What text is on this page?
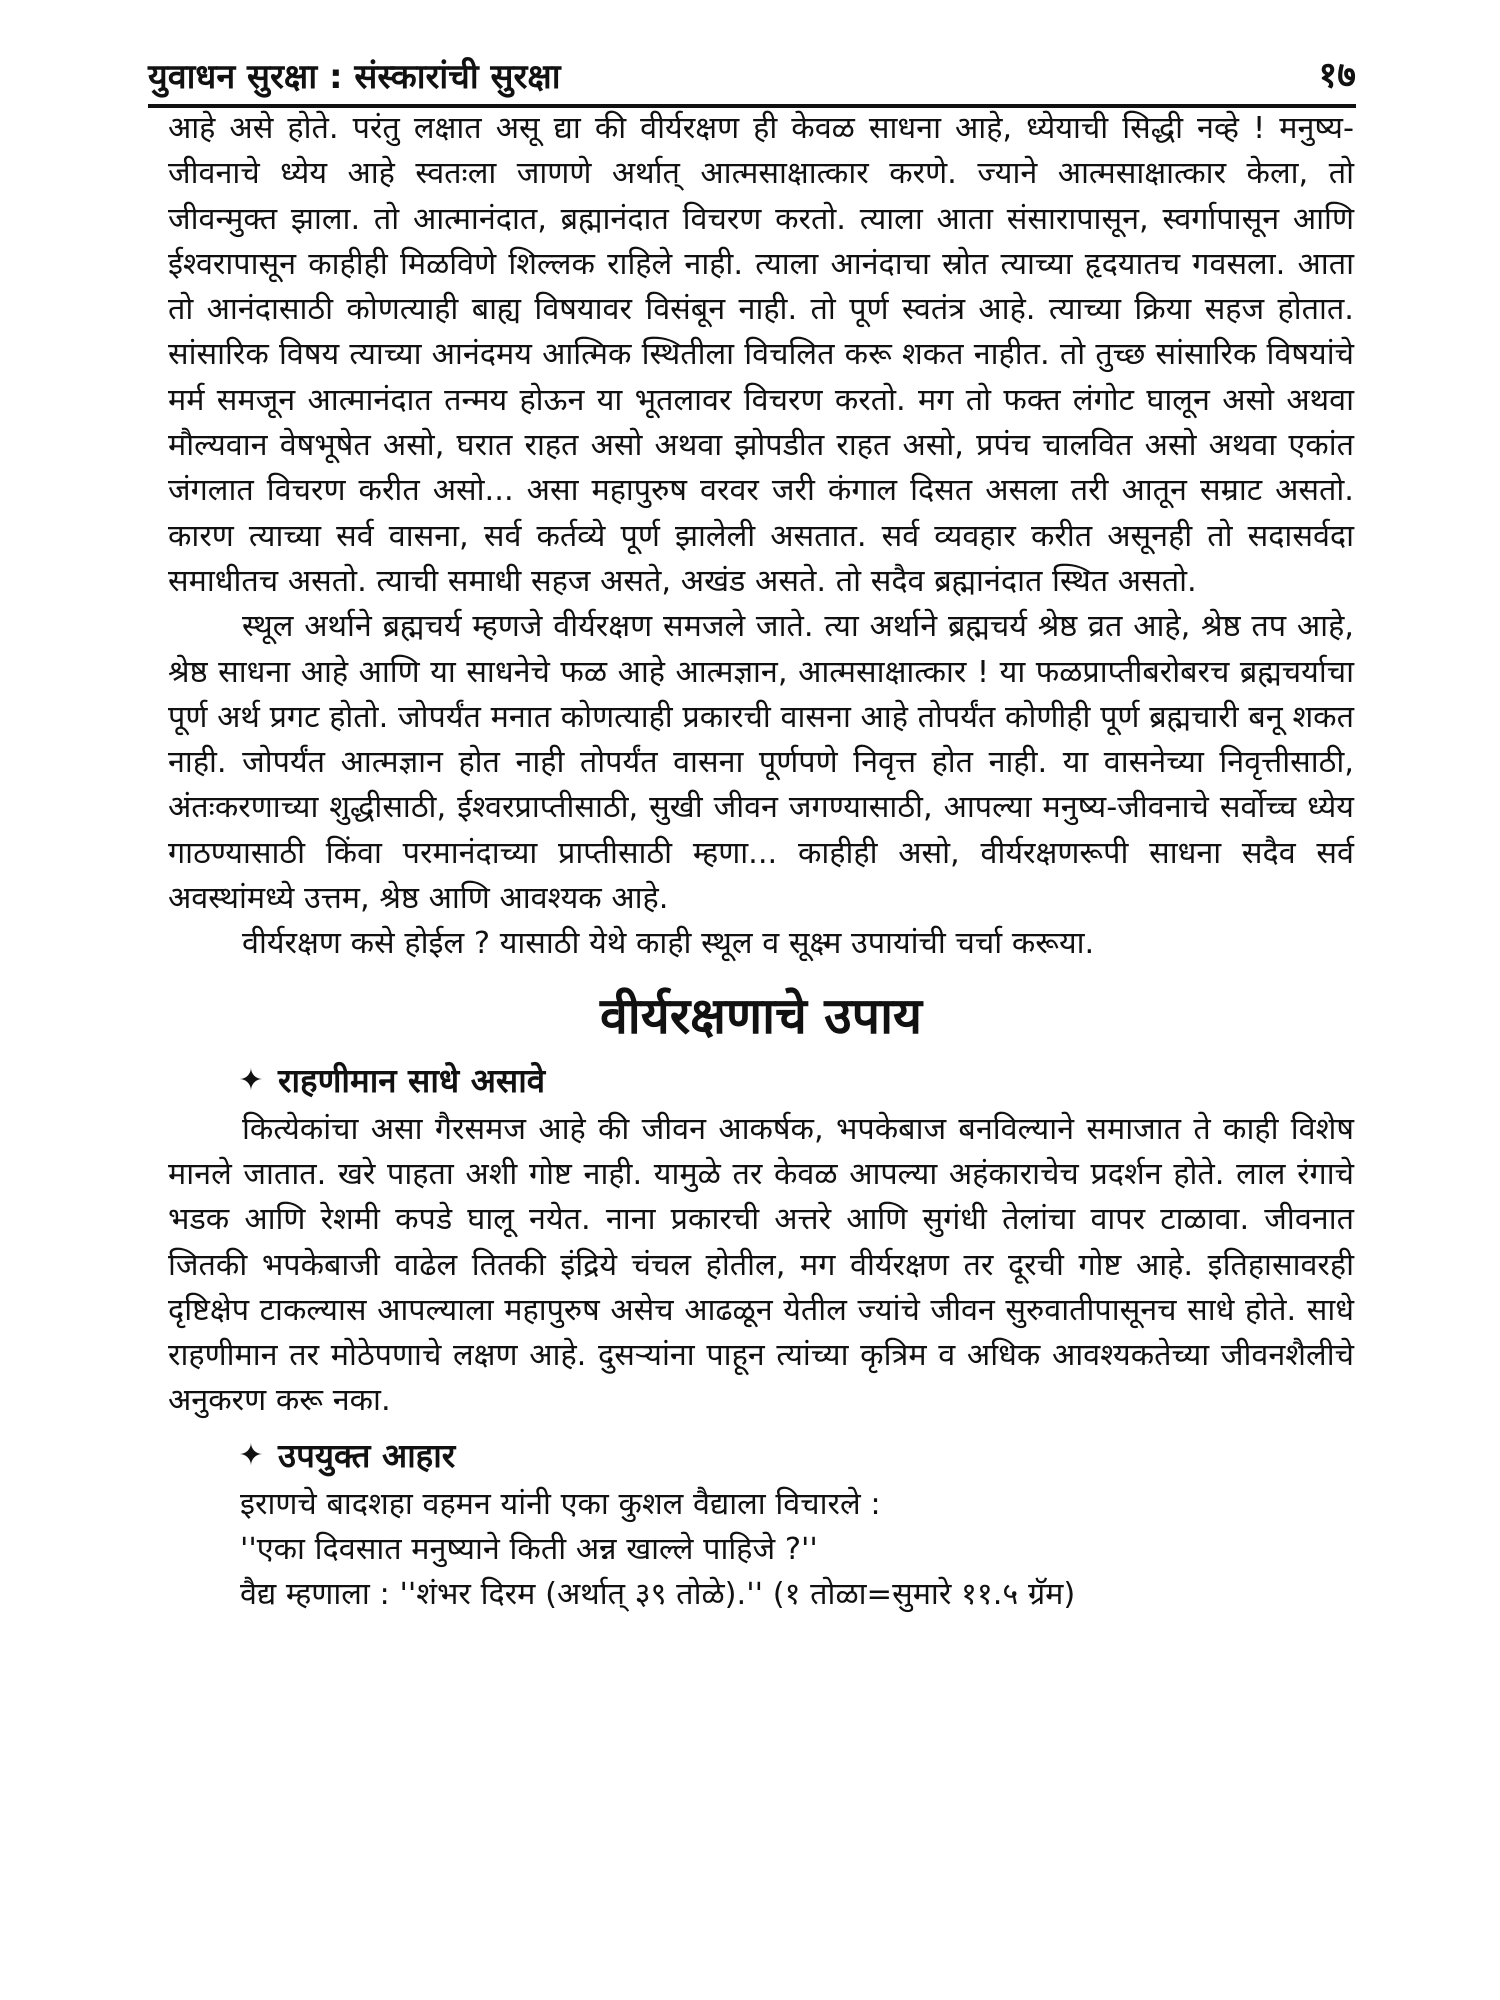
युवाधन सुरक्षा : संस्कारांची सुरक्षा	१७

आहे असे होते. परंतु लक्षात असू द्या की वीर्यरक्षण ही केवळ साधना आहे, ध्येयाची सिद्धी नव्हे ! मनुष्य-जीवनाचे ध्येय आहे स्वतःला जाणणे अर्थात् आत्मसाक्षात्कार करणे. ज्याने आत्मसाक्षात्कार केला, तो जीवन्मुक्त झाला. तो आत्मानंदात, ब्रह्मानंदात विचरण करतो. त्याला आता संसारापासून, स्वर्गापासून आणि ईश्वरापासून काहीही मिळविणे शिल्लक राहिले नाही. त्याला आनंदाचा स्रोत त्याच्या हृदयातच गवसला. आता तो आनंदासाठी कोणत्याही बाह्य विषयावर विसंबून नाही. तो पूर्ण स्वतंत्र आहे. त्याच्या क्रिया सहज होतात. सांसारिक विषय त्याच्या आनंदमय आत्मिक स्थितीला विचलित करू शकत नाहीत. तो तुच्छ सांसारिक विषयांचे मर्म समजून आत्मानंदात तन्मय होऊन या भूतलावर विचरण करतो. मग तो फक्त लंगोट घालून असो अथवा मौल्यवान वेषभूषेत असो, घरात राहत असो अथवा झोपडीत राहत असो, प्रपंच चालवित असो अथवा एकांत जंगलात विचरण करीत असो... असा महापुरुष वरवर जरी कंगाल दिसत असला तरी आतून सम्राट असतो. कारण त्याच्या सर्व वासना, सर्व कर्तव्ये पूर्ण झालेली असतात. सर्व व्यवहार करीत असूनही तो सदासर्वदा समाधीतच असतो. त्याची समाधी सहज असते, अखंड असते. तो सदैव ब्रह्मानंदात स्थित असतो.

स्थूल अर्थाने ब्रह्मचर्य म्हणजे वीर्यरक्षण समजले जाते. त्या अर्थाने ब्रह्मचर्य श्रेष्ठ व्रत आहे, श्रेष्ठ तप आहे, श्रेष्ठ साधना आहे आणि या साधनेचे फळ आहे आत्मज्ञान, आत्मसाक्षात्कार ! या फळप्राप्तीबरोबरच ब्रह्मचर्याचा पूर्ण अर्थ प्रगट होतो. जोपर्यंत मनात कोणत्याही प्रकारची वासना आहे तोपर्यंत कोणीही पूर्ण ब्रह्मचारी बनू शकत नाही. जोपर्यंत आत्मज्ञान होत नाही तोपर्यंत वासना पूर्णपणे निवृत्त होत नाही. या वासनेच्या निवृत्तीसाठी, अंतःकरणाच्या शुद्धीसाठी, ईश्वरप्राप्तीसाठी, सुखी जीवन जगण्यासाठी, आपल्या मनुष्य-जीवनाचे सर्वोच्च ध्येय गाठण्यासाठी किंवा परमानंदाच्या प्राप्तीसाठी म्हणा... काहीही असो, वीर्यरक्षणरूपी साधना सदैव सर्व अवस्थांमध्ये उत्तम, श्रेष्ठ आणि आवश्यक आहे.

वीर्यरक्षण कसे होईल ? यासाठी येथे काही स्थूल व सूक्ष्म उपायांची चर्चा करूया.

वीर्यरक्षणाचे उपाय
✦ राहणीमान साधे असावे

कित्येकांचा असा गैरसमज आहे की जीवन आकर्षक, भपकेबाज बनविल्याने समाजात ते काही विशेष मानले जातात. खरे पाहता अशी गोष्ट नाही. यामुळे तर केवळ आपल्या अहंकाराचेच प्रदर्शन होते. लाल रंगाचे भडक आणि रेशमी कपडे घालू नयेत. नाना प्रकारची अत्तरे आणि सुगंधी तेलांचा वापर टाळावा. जीवनात जितकी भपकेबाजी वाढेल तितकी इंद्रिये चंचल होतील, मग वीर्यरक्षण तर दूरची गोष्ट आहे. इतिहासावरही दृष्टिक्षेप टाकल्यास आपल्याला महापुरुष असेच आढळून येतील ज्यांचे जीवन सुरुवातीपासूनच साधे होते. साधे राहणीमान तर मोठेपणाचे लक्षण आहे. दुसऱ्यांना पाहून त्यांच्या कृत्रिम व अधिक आवश्यकतेच्या जीवनशैलीचे अनुकरण करू नका.

✦ उपयुक्त आहार
इराणचे बादशहा वहमन यांनी एका कुशल वैद्याला विचारले :
''एका दिवसात मनुष्याने किती अन्न खाल्ले पाहिजे ?''
वैद्य म्हणाला : ''शंभर दिरम (अर्थात् ३९ तोळे).'' (१ तोळा=सुमारे ११.५ ग्रॅम)
